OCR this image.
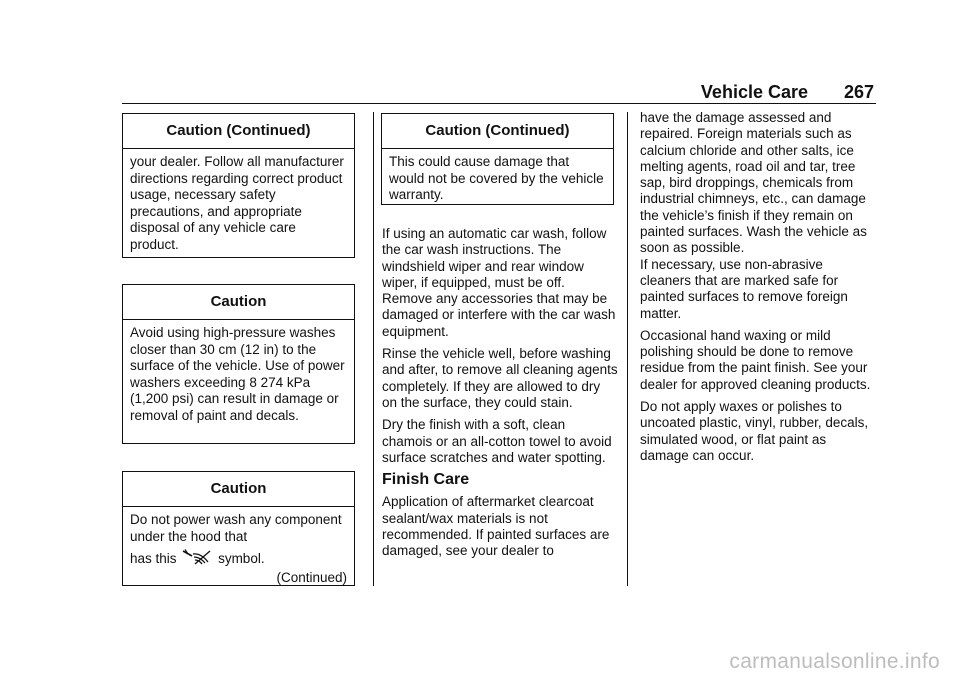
Vehicle Care 267
Caution (Continued)

your dealer. Follow all manufacturer directions regarding correct product usage, necessary safety precautions, and appropriate disposal of any vehicle care product.

Caution

Avoid using high-pressure washes closer than 30 cm (12 in) to the surface of the vehicle. Use of power washers exceeding 8 274 kPa (1,200 psi) can result in damage or removal of paint and decals.

Caution

Do not power wash any component under the hood that

has this	symbol.

(Continued)
Caution (Continued)

This could cause damage that would not be covered by the vehicle warranty.

If using an automatic car wash, follow the car wash instructions. The windshield wiper and rear window wiper, if equipped, must be off. Remove any accessories that may be damaged or interfere with the car wash equipment.

Rinse the vehicle well, before washing and after, to remove all cleaning agents completely. If they are allowed to dry on the surface, they could stain.

Dry the finish with a soft, clean chamois or an all-cotton towel to avoid surface scratches and water spotting.

Finish Care

Application of aftermarket clearcoat sealant/wax materials is not recommended. If painted surfaces are damaged, see your dealer to

have the damage assessed and repaired. Foreign materials such as calcium chloride and other salts, ice melting agents, road oil and tar, tree sap, bird droppings, chemicals from industrial chimneys, etc., can damage the vehicle’s finish if they remain on painted surfaces. Wash the vehicle as soon as possible.

If necessary, use non-abrasive cleaners that are marked safe for painted surfaces to remove foreign matter.

Occasional hand waxing or mild polishing should be done to remove residue from the paint finish. See your dealer for approved cleaning products.

Do not apply waxes or polishes to uncoated plastic, vinyl, rubber, decals, simulated wood, or flat paint as damage can occur.

carmanualsonline.info
